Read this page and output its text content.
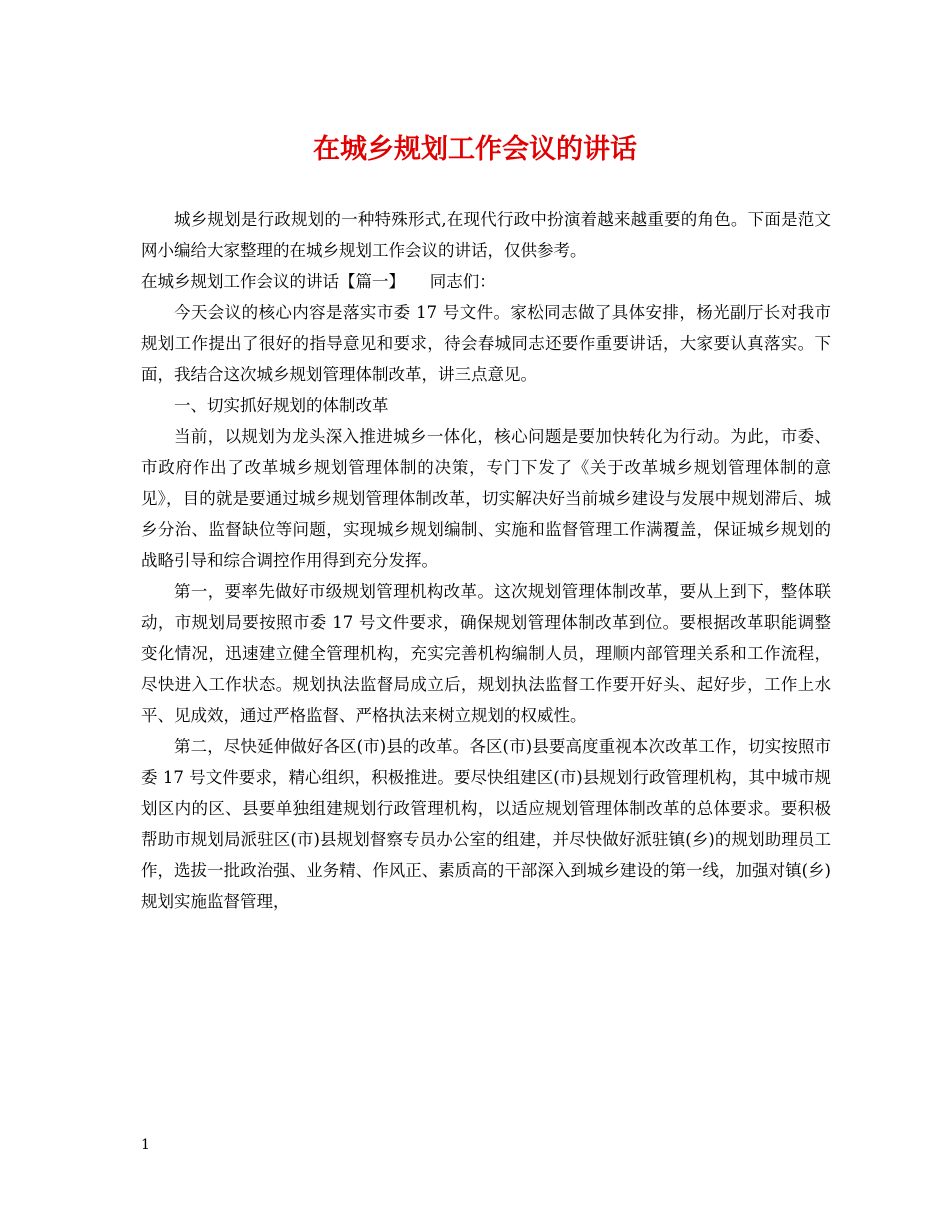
在城乡规划工作会议的讲话

城乡规划是行政规划的一种特殊形式,在现代行政中扮演着越来越重要的角色。下面是范文网小编给大家整理的在城乡规划工作会议的讲话，仅供参考。

在城乡规划工作会议的讲话【篇一】　　同志们：

今天会议的核心内容是落实市委 17 号文件。家松同志做了具体安排，杨光副厅长对我市规划工作提出了很好的指导意见和要求，待会春城同志还要作重要讲话，大家要认真落实。下面，我结合这次城乡规划管理体制改革，讲三点意见。

一、切实抓好规划的体制改革

当前，以规划为龙头深入推进城乡一体化，核心问题是要加快转化为行动。为此，市委、市政府作出了改革城乡规划管理体制的决策，专门下发了《关于改革城乡规划管理体制的意见》，目的就是要通过城乡规划管理体制改革，切实解决好当前城乡建设与发展中规划滞后、城乡分治、监督缺位等问题，实现城乡规划编制、实施和监督管理工作满覆盖，保证城乡规划的战略引导和综合调控作用得到充分发挥。

第一，要率先做好市级规划管理机构改革。这次规划管理体制改革，要从上到下，整体联动，市规划局要按照市委 17 号文件要求，确保规划管理体制改革到位。要根据改革职能调整变化情况，迅速建立健全管理机构，充实完善机构编制人员，理顺内部管理关系和工作流程，尽快进入工作状态。规划执法监督局成立后，规划执法监督工作要开好头、起好步，工作上水平、见成效，通过严格监督、严格执法来树立规划的权威性。

第二，尽快延伸做好各区(市)县的改革。各区(市)县要高度重视本次改革工作，切实按照市委 17 号文件要求，精心组织，积极推进。要尽快组建区(市)县规划行政管理机构，其中城市规划区内的区、县要单独组建规划行政管理机构，以适应规划管理体制改革的总体要求。要积极帮助市规划局派驻区(市)县规划督察专员办公室的组建，并尽快做好派驻镇(乡)的规划助理员工作，选拔一批政治强、业务精、作风正、素质高的干部深入到城乡建设的第一线，加强对镇(乡)规划实施监督管理，

1
